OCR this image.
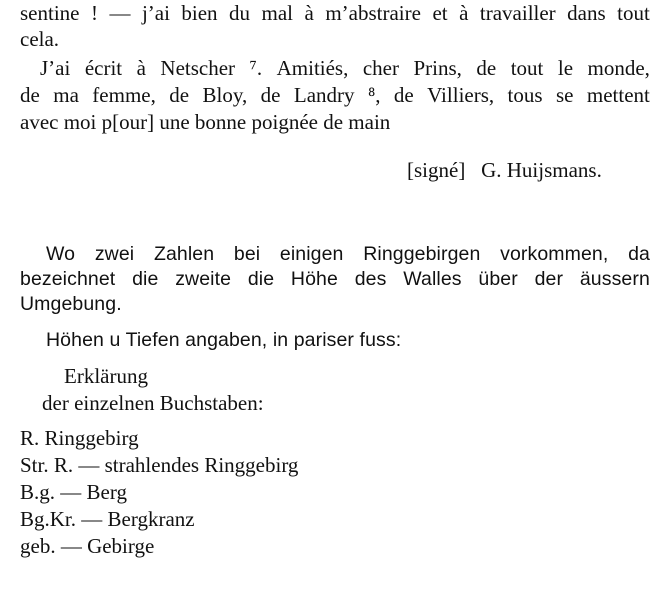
sentine ! — j’ai bien du mal à m’abstraire et à travailler dans tout
cela.
J’ai écrit à Netscher ⁷. Amitiés, cher Prins, de tout le monde,
de ma femme, de Bloy, de Landry ⁸, de Villiers, tous se mettent
avec moi p[our] une bonne poignée de main
[signé]   G. Huijsmans.
Wo zwei Zahlen bei einigen Ringgebirgen vorkommen, da
bezeichnet die zweite die Höhe des Walles über der äussern
Umgebung.
Höhen u Tiefen angaben, in pariser fuss:
Erklärung
der einzelnen Buchstaben:
R. Ringgebirg
Str. R. — strahlendes Ringgebirg
B.g. — Berg
Bg.Kr. — Bergkranz
geb. — Gebirge
